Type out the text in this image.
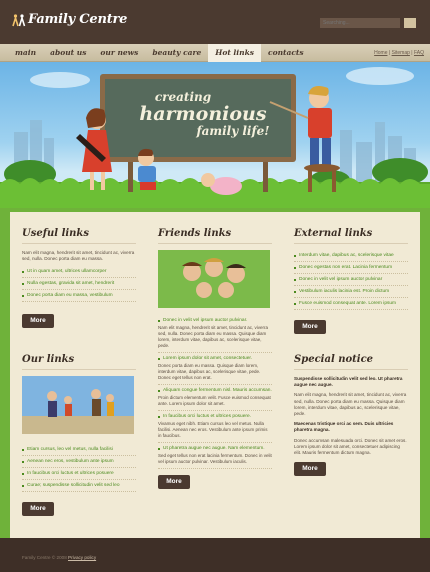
Family Centre
Searching...
main	about us	our news	beauty care	Hot links	contacts	Home | Sitemap | FAQ
creating
harmonious
family life!
Useful links

Nam elit magna, hendrerit sit amet, tincidunt ac, viverra sed, nulla. Donec porta diam eu massa.

Ut in quam amet, ultrices ullamcorper
Nulla egestas, gravida sit amet, hendrerit
Donec porta diam eu massa, vestibulum
More
Our links
Etiam cursus, leo vel metus, nulla facilisi
Aenean nec eros, vestibulum ante ipsum
In faucibus orci luctus et ultrices posuere
Curae; suspendisse sollicitudin velit sed leo
More
Friends links
Donec in velit vel ipsum auctor pulvinar.

Nam elit magna, hendrerit sit amet, tincidunt ac, viverra sed, nulla. Donec porta diam eu massa. Quisque diam lorem, interdum vitae, dapibus ac, scelerisque vitae, pede.

Lorem ipsum dolor sit amet, consectetuer.

Donec porta diam eu massa. Quisque diam lorem, interdum vitae, dapibus ac, scelerisque vitae, pede. Donec eget tellus non erat.

Aliquam congue fermentum nisl. Mauris accumsan.

Proin dictum elementum velit. Fusce euismod consequat ante. Lorem ipsum dolor sit amet.

In faucibus orci luctus et ultrices posuere.

Vivamus eget nibh. Etiam cursus leo vel metus. Nulla facilisi. Aenean nec eros. Vestibulum ante ipsum primis in faucibus.

Ut pharetra augue nec augue. Nam elementum.

Sed eget tellus non erat lacinia fermentum. Donec in velit vel ipsum auctor pulvinar. Vestibulum iaculis.

More
External links
Interdum vitae, dapibus ac, scelerisque vitae
Donec egestas non erat. Lacinia fermentum
Donec in velit vel ipsum auctor pulvinar
Vestibulum iaculis lacinia est. Proin dictum
Fusce euismod consequat ante. Lorem ipsum
More
Special notice

Suspendisse sollicitudin velit sed leo. Ut pharetra augue nec augue.

Nam elit magna, hendrerit sit amet, tincidunt ac, viverra sed, nulla. Donec porta diam eu massa. Quisque diam lorem, interdum vitae, dapibus ac, scelerisque vitae, pede.

Maecenas tristique orci ac sem. Duis ultricies pharetra magna.

Donec accumsan malesuada orci. Donec sit amet eros. Lorem ipsum dolor sit amet, consectetuer adipiscing elit. Mauris fermentum dictum magna.

More
Family Centre © 2008 Privacy policy
